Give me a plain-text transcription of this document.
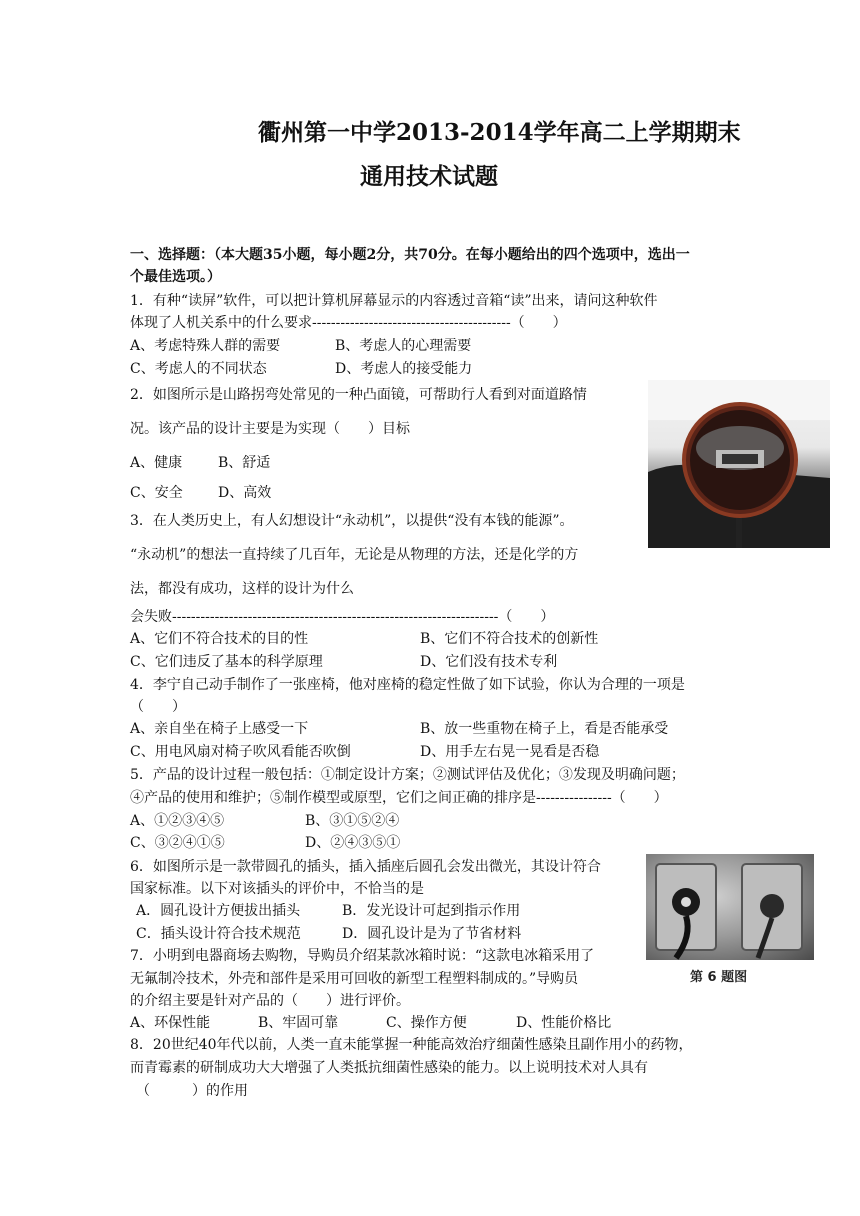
衢州第一中学2013-2014学年高二上学期期末
通用技术试题
一、选择题：（本大题35小题，每小题2分，共70分。在每小题给出的四个选项中，选出一
个最佳选项。）
1．有种“读屏”软件，可以把计算机屏幕显示的内容透过音箱“读”出来，请问这种软件
体现了人机关系中的什么要求------------------------------------------（　　）
A、考虑特殊人群的需要	B、考虑人的心理需要
C、考虑人的不同状态	D、考虑人的接受能力
2．如图所示是山路拐弯处常见的一种凸面镜，可帮助行人看到对面道路情
况。该产品的设计主要是为实现（　　）目标
A、健康	B、舒适
C、安全	D、高效
3．在人类历史上，有人幻想设计“永动机”，以提供“没有本钱的能源”。
“永动机”的想法一直持续了几百年，无论是从物理的方法，还是化学的方
法，都没有成功，这样的设计为什么
会失败---------------------------------------------------------------------（　　）
A、它们不符合技术的目的性	B、它们不符合技术的创新性
C、它们违反了基本的科学原理	D、它们没有技术专利
4．李宁自己动手制作了一张座椅，他对座椅的稳定性做了如下试验，你认为合理的一项是
（　　）
A、亲自坐在椅子上感受一下	B、放一些重物在椅子上，看是否能承受
C、用电风扇对椅子吹风看能否吹倒	D、用手左右晃一晃看是否稳
5．产品的设计过程一般包括：①制定设计方案；②测试评估及优化；③发现及明确问题；
④产品的使用和维护；⑤制作模型或原型，它们之间正确的排序是----------------（　　）
A、①②③④⑤	B、③①⑤②④
C、③②④①⑤	D、②④③⑤①
6．如图所示是一款带圆孔的插头，插入插座后圆孔会发出微光，其设计符合
国家标准。以下对该插头的评价中，不恰当的是
A．圆孔设计方便拔出插头	B．发光设计可起到指示作用
C．插头设计符合技术规范	D．圆孔设计是为了节省材料
第 6 题图
7．小明到电器商场去购物，导购员介绍某款冰箱时说：“这款电冰箱采用了
无氟制冷技术，外壳和部件是采用可回收的新型工程塑料制成的。”导购员
的介绍主要是针对产品的（　　）进行评价。
A、环保性能	B、牢固可靠	C、操作方便	D、性能价格比
8．20世纪40年代以前，人类一直未能掌握一种能高效治疗细菌性感染且副作用小的药物，
而青霉素的研制成功大大增强了人类抵抗细菌性感染的能力。以上说明技术对人具有
（　　　）的作用
